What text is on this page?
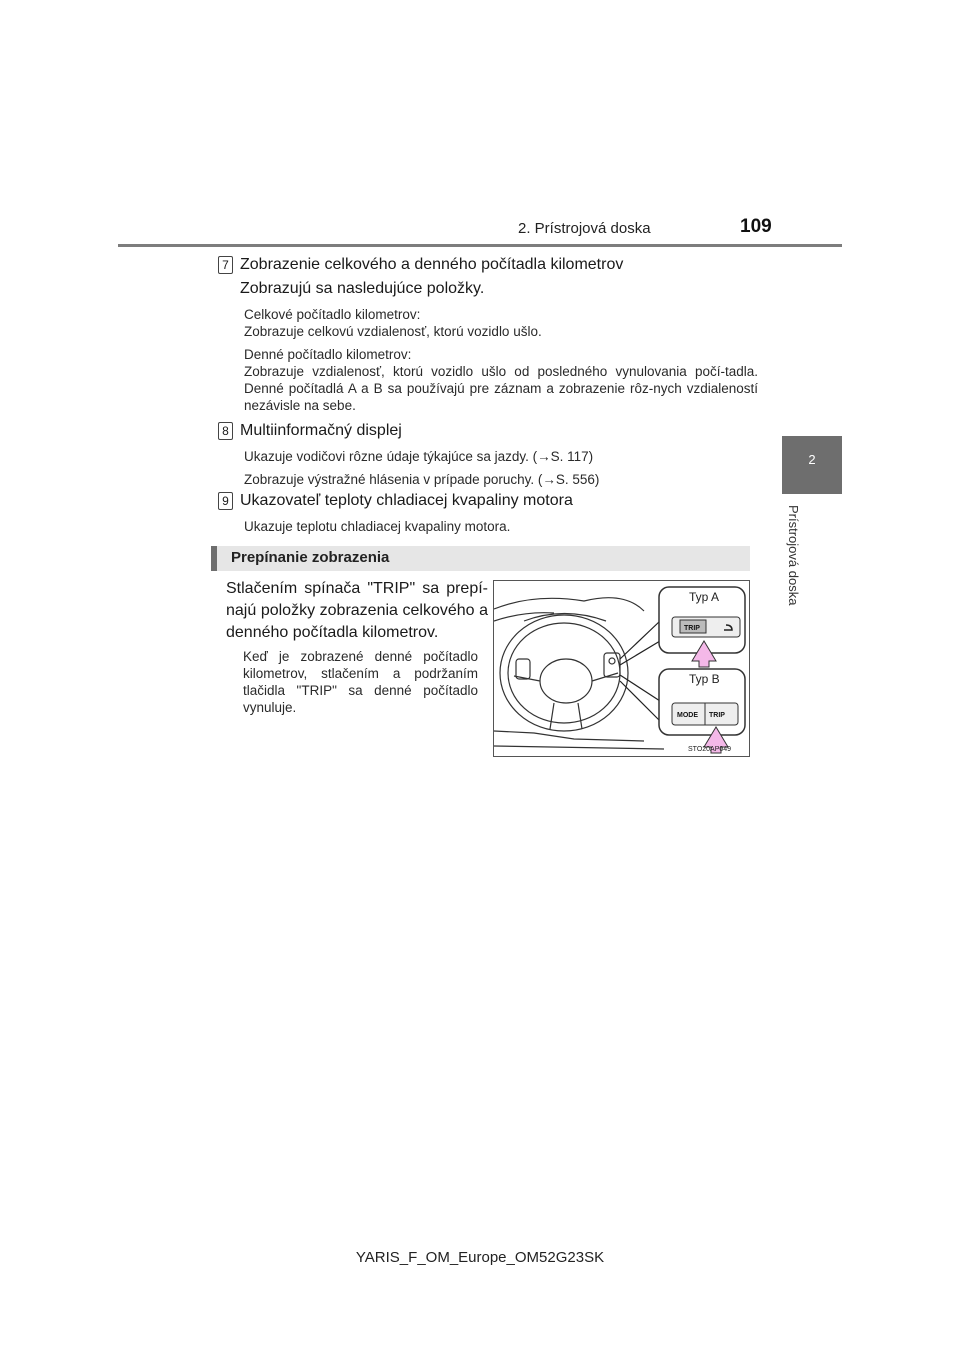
2. Prístrojová doska	109
2
Prístrojová doska
7 Zobrazenie celkového a denného počítadla kilometrov
Zobrazujú sa nasledujúce položky.

Celkové počítadlo kilometrov:
Zobrazuje celkovú vzdialenosť, ktorú vozidlo ušlo.

Denné počítadlo kilometrov:
Zobrazuje vzdialenosť, ktorú vozidlo ušlo od posledného vynulovania počí-tadla. Denné počítadlá A a B sa používajú pre záznam a zobrazenie rôz-nych vzdialeností nezávisle na sebe.

8 Multiinformačný displej

Ukazuje vodičovi rôzne údaje týkajúce sa jazdy. (→S. 117)

Zobrazuje výstražné hlásenia v prípade poruchy. (→S. 556)

9 Ukazovateľ teploty chladiacej kvapaliny motora

Ukazuje teplotu chladiacej kvapaliny motora.

Prepínanie zobrazenia
Stlačením spínača "TRIP" sa prepí-najú položky zobrazenia celkového a denného počítadla kilometrov.
Keď je zobrazené denné počítadlo kilometrov, stlačením a podržaním tlačidla "TRIP" sa denné počítadlo vynuluje.
Typ A
Typ B
TRIP
MODE TRIP
STO20AP049
YARIS_F_OM_Europe_OM52G23SK
